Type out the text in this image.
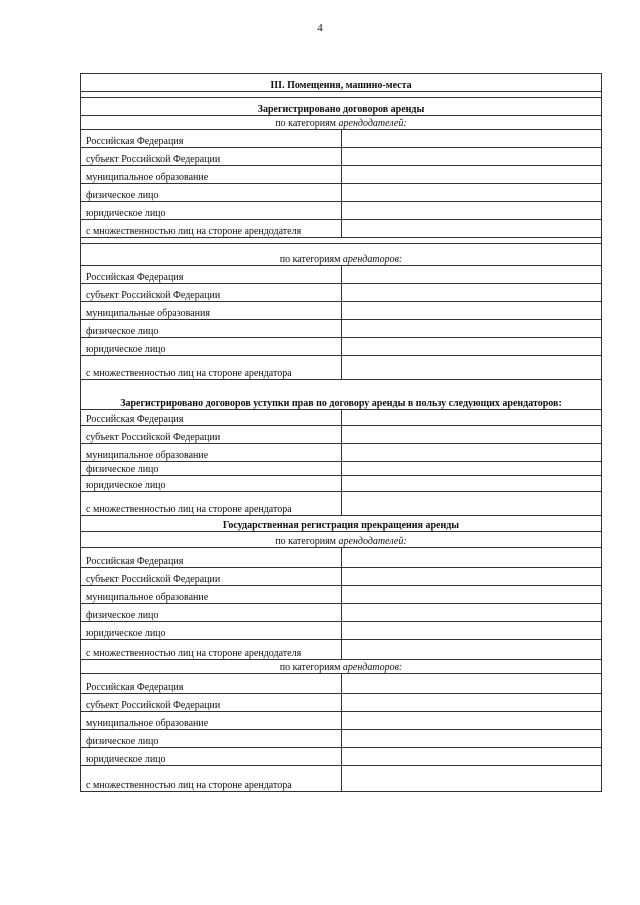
4
III. Помещения, машино-места	

Зарегистрировано договоров аренды	
по категориям арендодателей:	
Российская Федерация	
субъект Российской Федерации	
муниципальное образование	
физическое лицо	
юридическое лицо	
с множественностью лиц на стороне арендодателя	

по категориям арендаторов:	
Российская Федерация	
субъект Российской Федерации	
муниципальные образования	
физическое лицо	
юридическое лицо	
с множественностью лиц на стороне арендатора	
Зарегистрировано договоров уступки прав по договору аренды в пользу следующих арендаторов:	
Российская Федерация	
субъект Российской Федерации	
муниципальное образование	
физическое лицо	
юридическое лицо	
с множественностью лиц на стороне арендатора	
Государственная регистрация прекращения аренды	
по категориям арендодателей:	
Российская Федерация	
субъект Российской Федерации	
муниципальное образование	
физическое лицо	
юридическое лицо	
с множественностью лиц на стороне арендодателя	
по категориям арендаторов:	
Российская Федерация	
субъект Российской Федерации	
муниципальное образование	
физическое лицо	
юридическое лицо	
с множественностью лиц на стороне арендатора	
